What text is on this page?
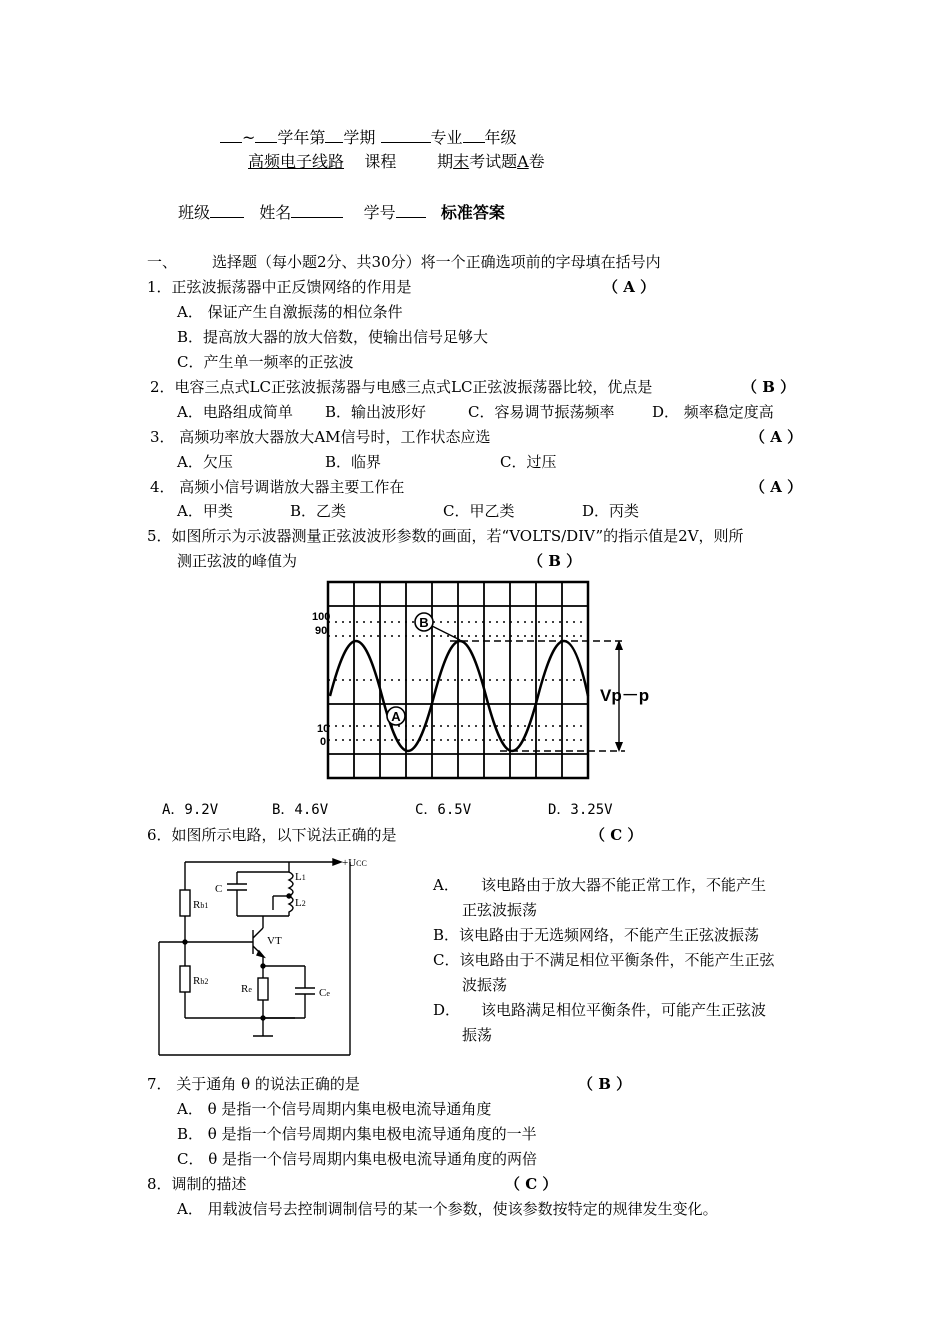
~ 学年第 学期	专业 年级
高频电子线路 课程	期末考试题A卷
班级	姓名	学号	标准答案
一、 选择题（每小题2分、共30分）将一个正确选项前的字母填在括号内
1．正弦波振荡器中正反馈网络的作用是	（ A ）
A． 保证产生自激振荡的相位条件
B．提高放大器的放大倍数，使输出信号足够大
C．产生单一频率的正弦波
2．电容三点式LC正弦波振荡器与电感三点式LC正弦波振荡器比较，优点是	（ B ）
A．电路组成简单 B．输出波形好	C．容易调节振荡频率	D． 频率稳定度高
3． 高频功率放大器放大AM信号时，工作状态应选	（ A ）
A．欠压	B．临界	C．过压
4． 高频小信号调谐放大器主要工作在	（ A ）
A．甲类	B．乙类	C．甲乙类	D．丙类
5．如图所示为示波器测量正弦波波形参数的画面，若“VOLTS/DIV”的指示值是2V，则所
测正弦波的峰值为	（ B ）
B
A
100
90
10
0
Vp－p
A．9.2V	B．4.6V	C．6.5V	D．3.25V
6．如图所示电路，以下说法正确的是	（ C ）
+UCC
C
L1
L2
Rb1
VT
Rb2
Re	Ce
A． 该电路由于放大器不能正常工作，不能产生
正弦波振荡
B．该电路由于无选频网络，不能产生正弦波振荡
C．该电路由于不满足相位平衡条件，不能产生正弦
波振荡
D． 该电路满足相位平衡条件，可能产生正弦波
振荡
7． 关于通角 θ 的说法正确的是	（ B ）
A． θ 是指一个信号周期内集电极电流导通角度
B． θ 是指一个信号周期内集电极电流导通角度的一半
C． θ 是指一个信号周期内集电极电流导通角度的两倍
8．调制的描述	（ C ）
A． 用载波信号去控制调制信号的某一个参数，使该参数按特定的规律发生变化。
